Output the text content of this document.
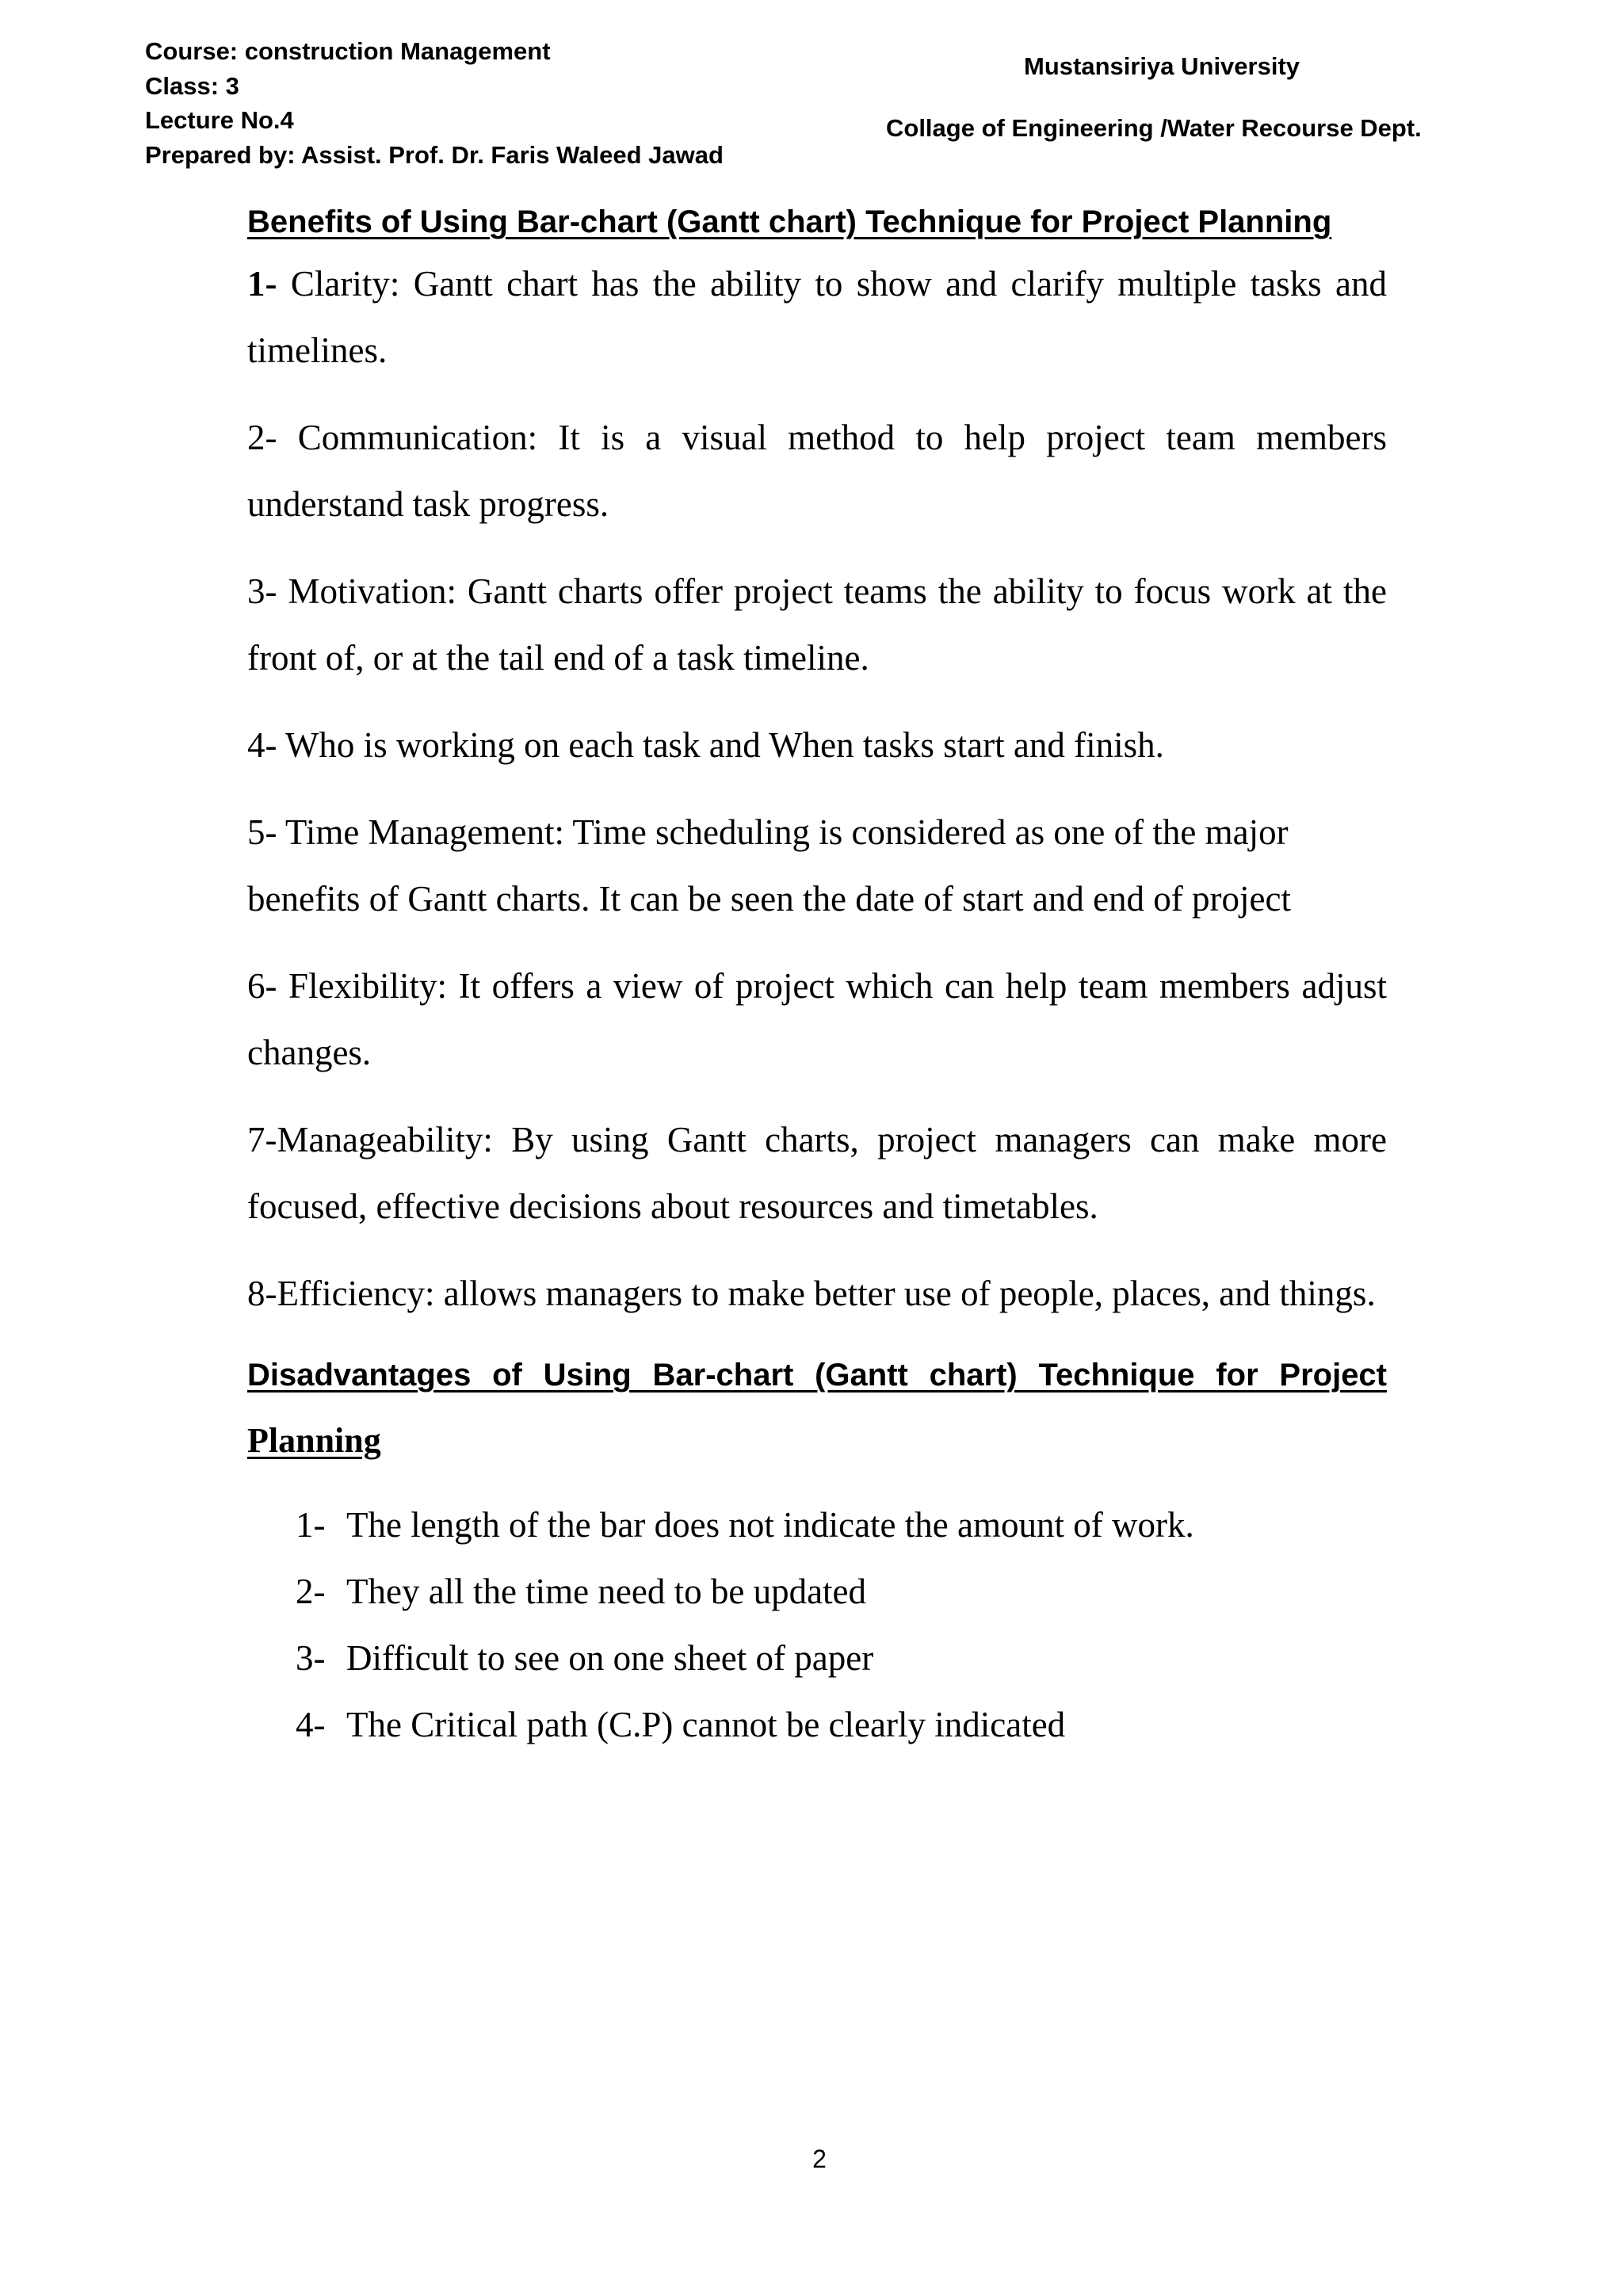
Course: construction Management
Class: 3
Lecture No.4
Prepared by: Assist. Prof. Dr. Faris Waleed Jawad
Mustansiriya University
Collage of Engineering /Water Recourse Dept.
Benefits of Using Bar-chart (Gantt chart) Technique for Project Planning
1- Clarity: Gantt chart has the ability to show and clarify multiple tasks and timelines.
2- Communication: It is a visual method to help project team members understand task progress.
3- Motivation: Gantt charts offer project teams the ability to focus work at the front of, or at the tail end of a task timeline.
4- Who is working on each task and When tasks start and finish.
5- Time Management: Time scheduling is considered as one of the major benefits of Gantt charts. It can be seen the date of start and end of project
6- Flexibility: It offers a view of project which can help team members adjust changes.
7-Manageability: By using Gantt charts, project managers can make more focused, effective decisions about resources and timetables.
8-Efficiency: allows managers to make better use of people, places, and things.
Disadvantages of Using Bar-chart (Gantt chart) Technique for Project
Planning
1- The length of the bar does not indicate the amount of work.
2- They all the time need to be updated
3- Difficult to see on one sheet of paper
4- The Critical path (C.P) cannot be clearly indicated
2
